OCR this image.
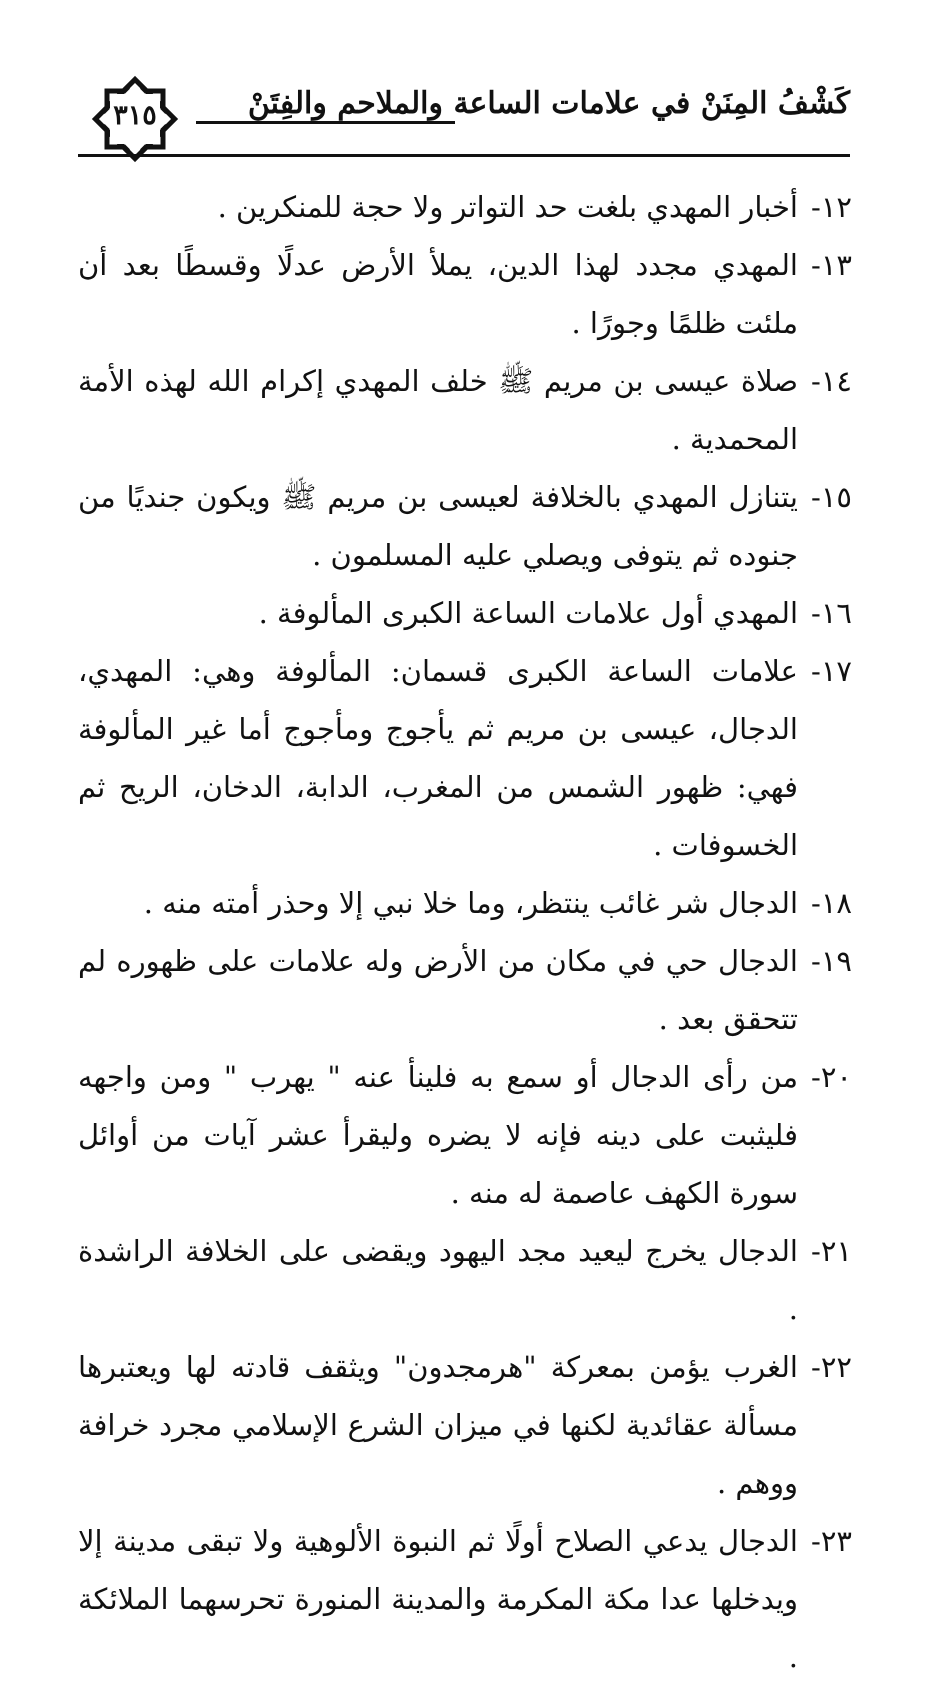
كَشْفُ المِنَنْ في علامات الساعة والملاحم والفِتَنْ
٣١٥
١٢-
أخبار المهدي بلغت حد التواتر ولا حجة للمنكرين .
١٣-
المهدي مجدد لهذا الدين، يملأ الأرض عدلًا وقسطًا بعد أن ملئت ظلمًا وجورًا .
١٤-
صلاة عيسى بن مريم ﷺ خلف المهدي إكرام الله لهذه الأمة المحمدية .
١٥-
يتنازل المهدي بالخلافة لعيسى بن مريم ﷺ ويكون جنديًا من جنوده ثم يتوفى ويصلي عليه المسلمون .
١٦-
المهدي أول علامات الساعة الكبرى المألوفة .
١٧-
علامات الساعة الكبرى قسمان: المألوفة وهي: المهدي، الدجال، عيسى بن مريم ثم يأجوج ومأجوج أما غير المألوفة فهي: ظهور الشمس من المغرب، الدابة، الدخان، الريح ثم الخسوفات .
١٨-
الدجال شر غائب ينتظر، وما خلا نبي إلا وحذر أمته منه .
١٩-
الدجال حي في مكان من الأرض وله علامات على ظهوره لم تتحقق بعد .
٢٠-
من رأى الدجال أو سمع به فلينأ عنه " يهرب " ومن واجهه فليثبت على دينه فإنه لا يضره وليقرأ عشر آيات من أوائل سورة الكهف عاصمة له منه .
٢١-
الدجال يخرج ليعيد مجد اليهود ويقضى على الخلافة الراشدة .
٢٢-
الغرب يؤمن بمعركة "هرمجدون" ويثقف قادته لها ويعتبرها مسألة عقائدية لكنها في ميزان الشرع الإسلامي مجرد خرافة ووهم .
٢٣-
الدجال يدعي الصلاح أولًا ثم النبوة الألوهية ولا تبقى مدينة إلا ويدخلها عدا مكة المكرمة والمدينة المنورة تحرسهما الملائكة .
